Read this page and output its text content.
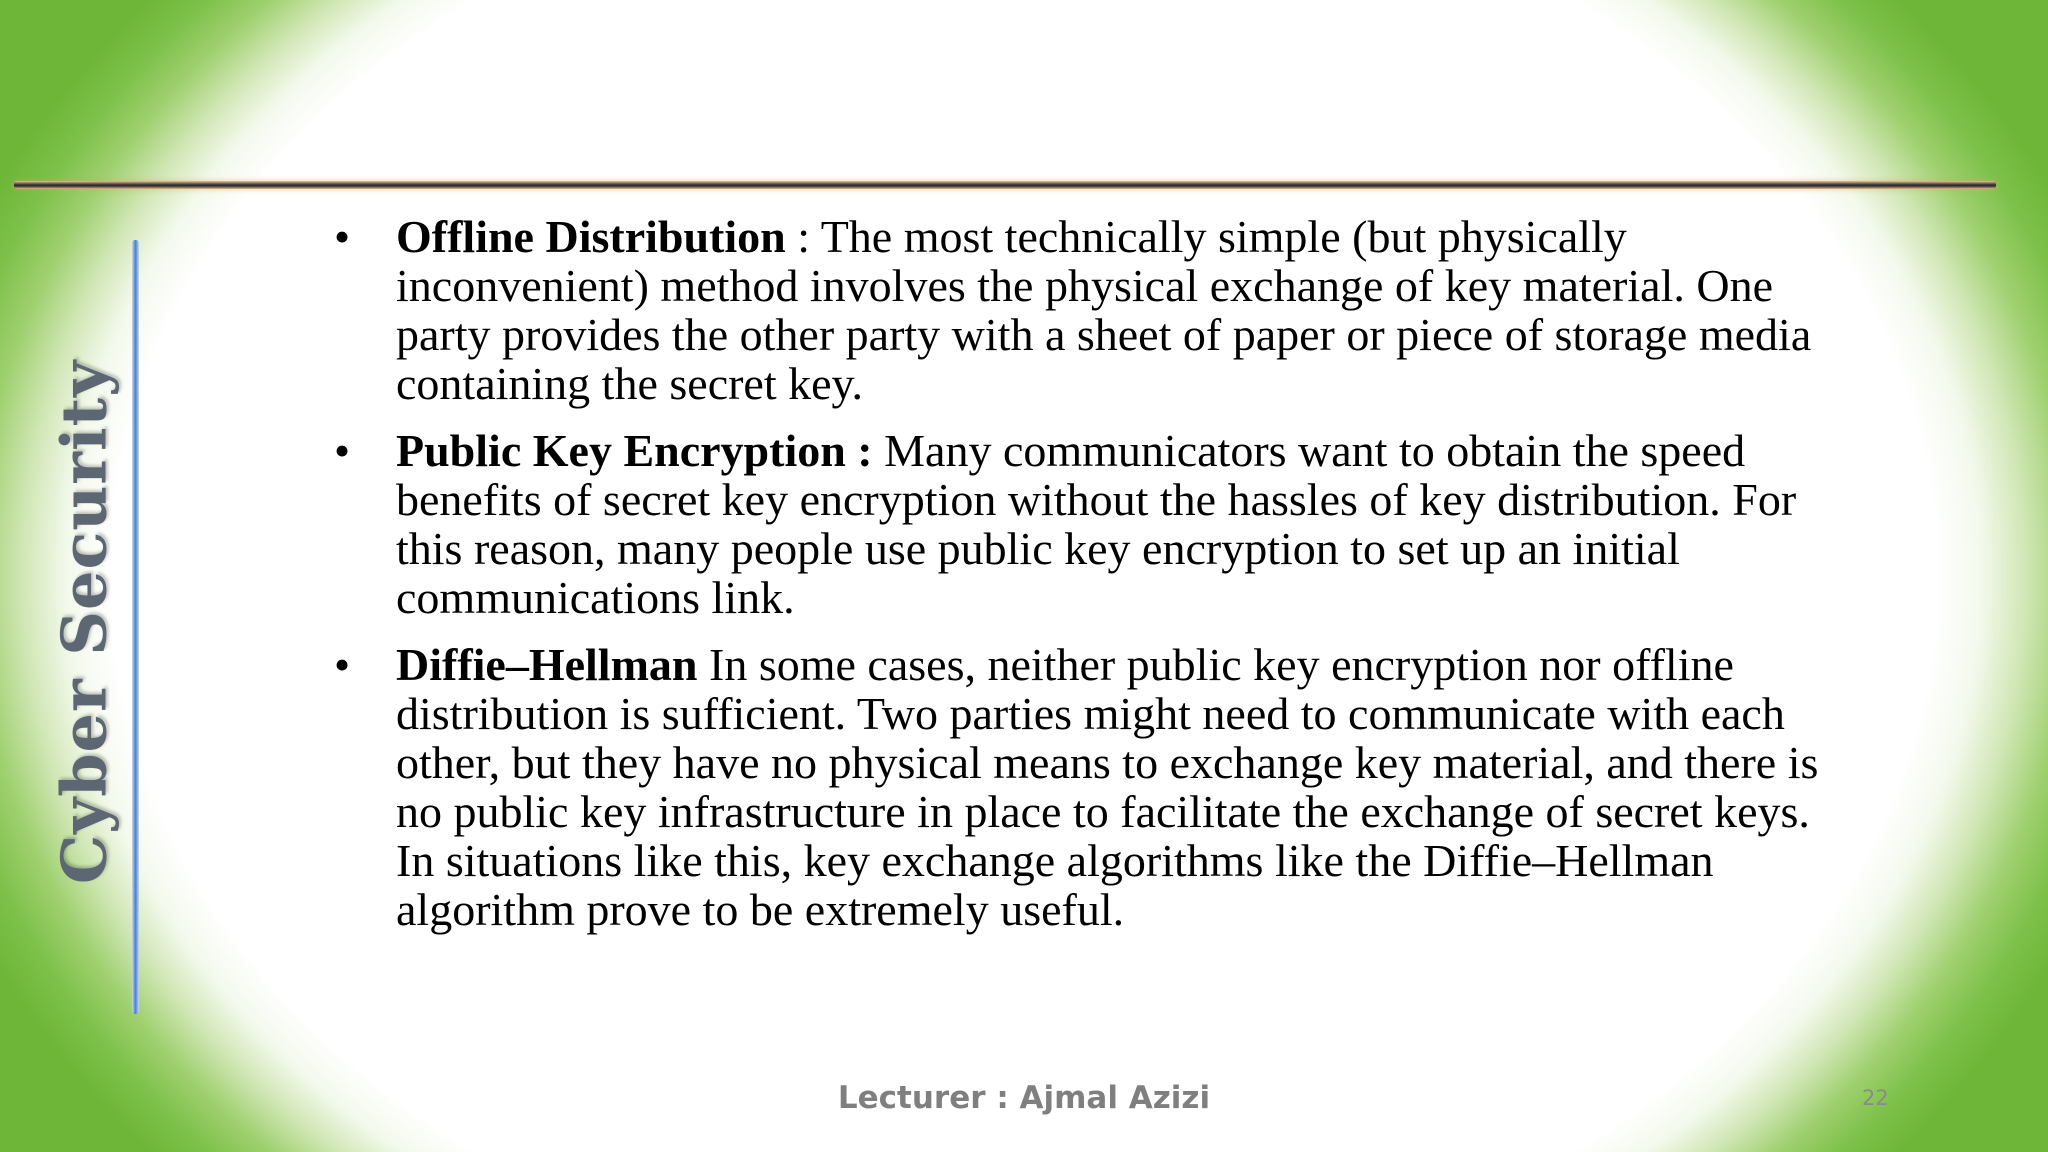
Cyber Security
• Offline Distribution : The most technically simple (but physically inconvenient) method involves the physical exchange of key material. One party provides the other party with a sheet of paper or piece of storage media containing the secret key.
• Public Key Encryption : Many communicators want to obtain the speed benefits of secret key encryption without the hassles of key distribution. For this reason, many people use public key encryption to set up an initial communications link.
• Diffie–Hellman In some cases, neither public key encryption nor offline distribution is sufficient. Two parties might need to communicate with each other, but they have no physical means to exchange key material, and there is no public key infrastructure in place to facilitate the exchange of secret keys. In situations like this, key exchange algorithms like the Diffie–Hellman algorithm prove to be extremely useful.
Lecturer : Ajmal Azizi	22
